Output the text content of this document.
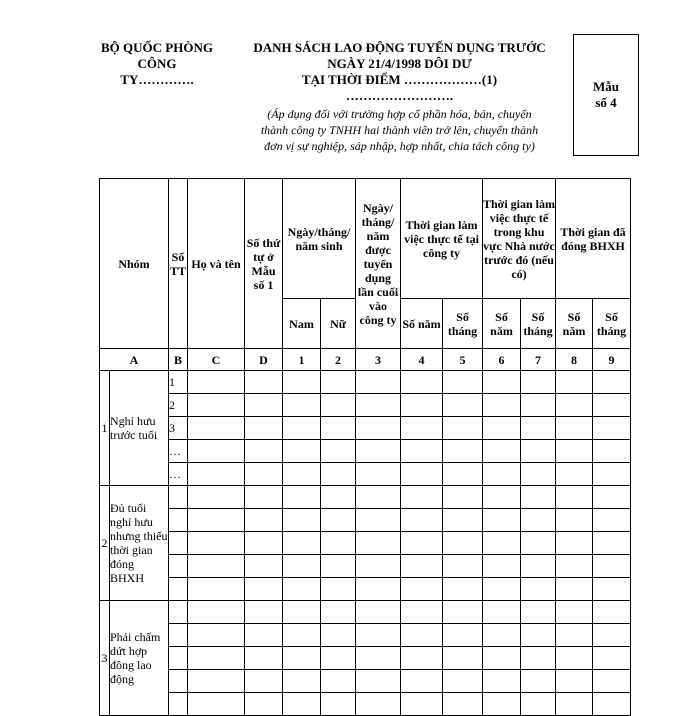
BỘ QUỐC PHÒNG
CÔNG
TY………….
DANH SÁCH LAO ĐỘNG TUYỂN DỤNG TRƯỚC
NGÀY 21/4/1998 DÔI DƯ
TẠI THỜI ĐIỂM ………………(1)
…………………….
(Áp dụng đối với trường hợp cổ phần hóa, bán, chuyển
thành công ty TNHH hai thành viên trở lên, chuyển thành
đơn vị sự nghiệp, sáp nhập, hợp nhất, chia tách công ty)
Mẫu
số 4
Nhóm		Số TT	Họ và tên	Số thứ tự ở Mẫu số 1	Ngày/tháng/ năm sinh		Ngày/ tháng/ năm được tuyển dụng lần cuối vào công ty	Thời gian làm việc thực tế tại công ty		Thời gian làm việc thực tế trong khu vực Nhà nước trước đó (nếu có)		Thời gian đã đóng BHXH	
					Nam	Nữ		Số năm	Số tháng	Số năm	Số tháng	Số năm	Số tháng
A		B	C	D	1	2	3	4	5	6	7	8	9
1	Nghỉ hưu trước tuổi	1											
		2											
		3											
		…											
		…											
2	Đủ tuổi nghỉ hưu nhưng thiếu thời gian đóng BHXH												

3	Phải chấm dứt hợp đồng lao động												
